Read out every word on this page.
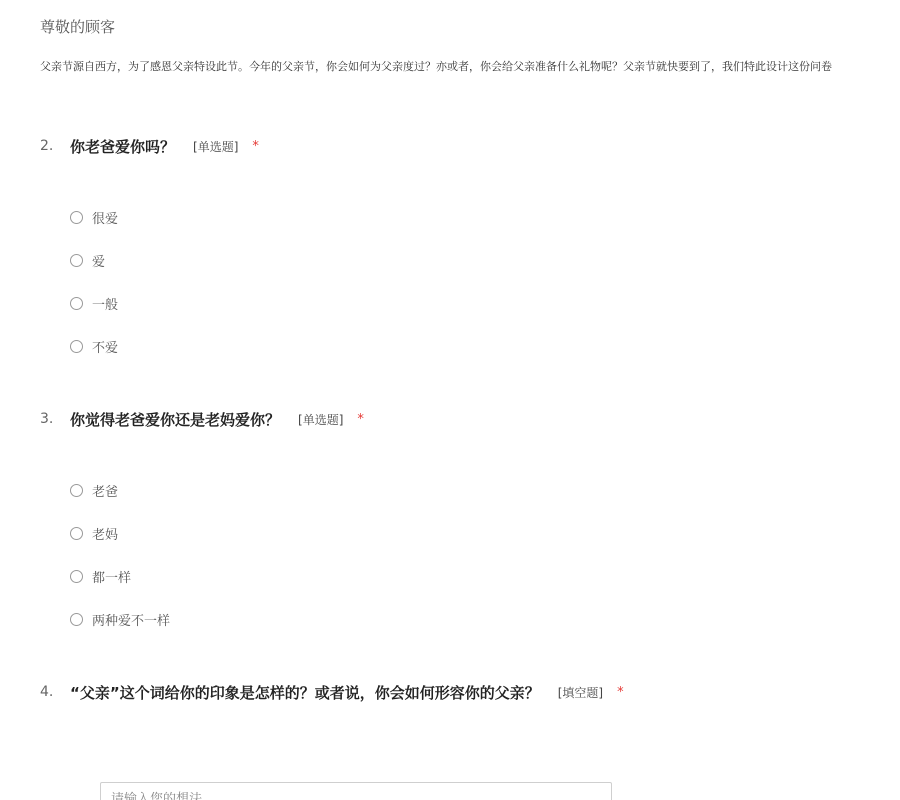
尊敬的顾客
父亲节源自西方，为了感恩父亲特设此节。今年的父亲节，你会如何为父亲度过？亦或者，你会给父亲准备什么礼物呢？父亲节就快要到了，我们特此设计这份问卷
2.	你老爸爱你吗？ [单选题] *
很爱
爱
一般
不爱
3.	你觉得老爸爱你还是老妈爱你？ [单选题] *
老爸
老妈
都一样
两种爱不一样
4.	“父亲”这个词给你的印象是怎样的？或者说，你会如何形容你的父亲？ [填空题] *
请输入您的想法
